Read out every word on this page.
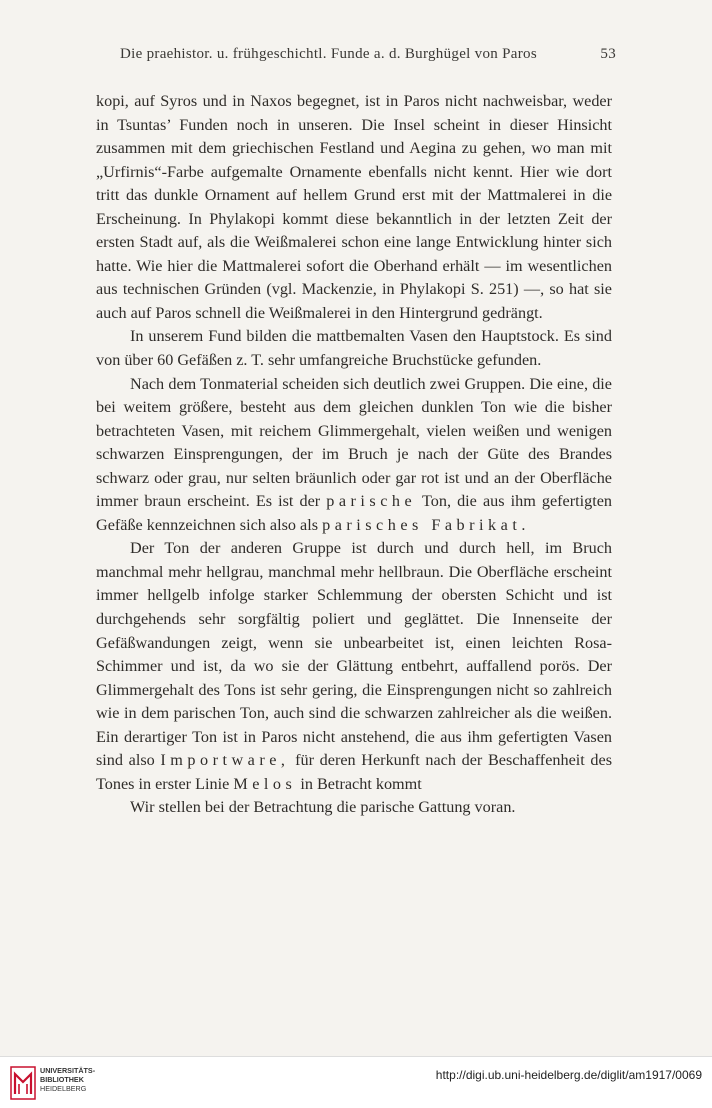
Die praehistor. u. frühgeschichtl. Funde a. d. Burghügel von Paros	53

kopi, auf Syros und in Naxos begegnet, ist in Paros nicht nachweisbar, weder in Tsuntas’ Funden noch in unseren. Die Insel scheint in dieser Hinsicht zusammen mit dem griechischen Festland und Aegina zu gehen, wo man mit „Urfirnis“-Farbe aufgemalte Ornamente ebenfalls nicht kennt. Hier wie dort tritt das dunkle Ornament auf hellem Grund erst mit der Mattmalerei in die Erscheinung. In Phylakopi kommt diese bekanntlich in der letzten Zeit der ersten Stadt auf, als die Weißmalerei schon eine lange Entwicklung hinter sich hatte. Wie hier die Mattmalerei sofort die Oberhand erhält — im wesentlichen aus technischen Gründen (vgl. Mackenzie, in Phylakopi S. 251) —, so hat sie auch auf Paros schnell die Weißmalerei in den Hintergrund gedrängt.

In unserem Fund bilden die mattbemalten Vasen den Hauptstock. Es sind von über 60 Gefäßen z. T. sehr umfangreiche Bruchstücke gefunden.

Nach dem Tonmaterial scheiden sich deutlich zwei Gruppen. Die eine, die bei weitem größere, besteht aus dem gleichen dunklen Ton wie die bisher betrachteten Vasen, mit reichem Glimmergehalt, vielen weißen und wenigen schwarzen Einsprengungen, der im Bruch je nach der Güte des Brandes schwarz oder grau, nur selten bräunlich oder gar rot ist und an der Oberfläche immer braun erscheint. Es ist der parische Ton, die aus ihm gefertigten Gefäße kennzeichnen sich also als parisches Fabrikat.

Der Ton der anderen Gruppe ist durch und durch hell, im Bruch manchmal mehr hellgrau, manchmal mehr hellbraun. Die Oberfläche erscheint immer hellgelb infolge starker Schlemmung der obersten Schicht und ist durchgehends sehr sorgfältig poliert und geglättet. Die Innenseite der Gefäßwandungen zeigt, wenn sie unbearbeitet ist, einen leichten Rosa-Schimmer und ist, da wo sie der Glättung entbehrt, auffallend porös. Der Glimmergehalt des Tons ist sehr gering, die Einsprengungen nicht so zahlreich wie in dem parischen Ton, auch sind die schwarzen zahlreicher als die weißen. Ein derartiger Ton ist in Paros nicht anstehend, die aus ihm gefertigten Vasen sind also Importware, für deren Herkunft nach der Beschaffenheit des Tones in erster Linie Melos in Betracht kommt

Wir stellen bei der Betrachtung die parische Gattung voran.

UNIVERSITÄTS-
BIBLIOTHEK
HEIDELBERG
http://digi.ub.uni-heidelberg.de/diglit/am1917/0069
